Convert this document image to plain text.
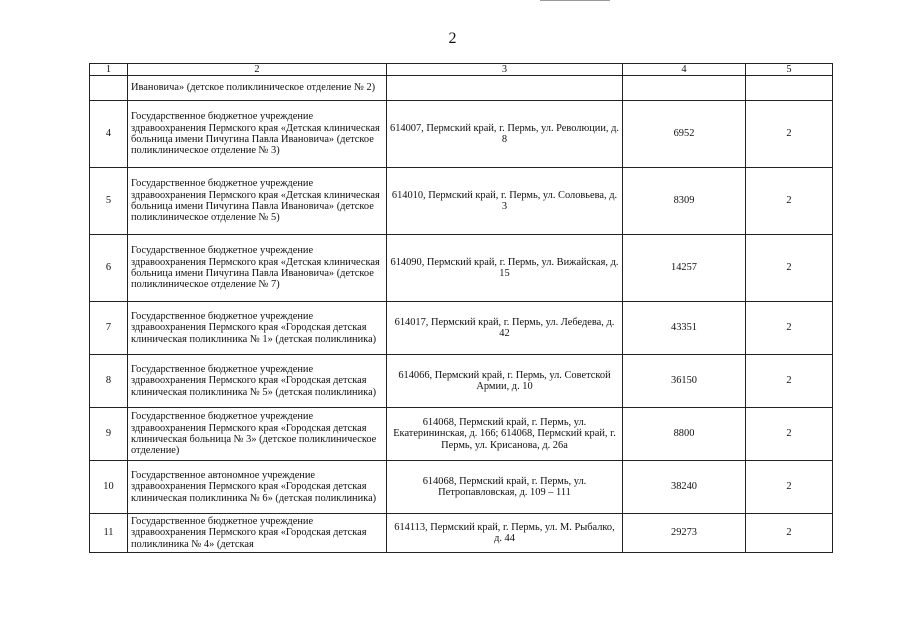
2
1	2	3	4	5
	Ивановича» (детское поликлиническое отделение № 2)			
4	Государственное бюджетное учреждение здравоохранения Пермского края «Детская клиническая больница имени Пичугина Павла Ивановича» (детское поликлиническое отделение № 3)	614007, Пермский край, г. Пермь, ул. Революции, д. 8	6952	2
5	Государственное бюджетное учреждение здравоохранения Пермского края «Детская клиническая больница имени Пичугина Павла Ивановича» (детское поликлиническое отделение № 5)	614010, Пермский край, г. Пермь, ул. Соловьева, д. 3	8309	2
6	Государственное бюджетное учреждение здравоохранения Пермского края «Детская клиническая больница имени Пичугина Павла Ивановича» (детское поликлиническое отделение № 7)	614090, Пермский край, г. Пермь, ул. Вижайская, д. 15	14257	2
7	Государственное бюджетное учреждение здравоохранения Пермского края «Городская детская клиническая поликлиника № 1» (детская поликлиника)	614017, Пермский край, г. Пермь, ул. Лебедева, д. 42	43351	2
8	Государственное бюджетное учреждение здравоохранения Пермского края «Городская детская клиническая поликлиника № 5» (детская поликлиника)	614066, Пермский край, г. Пермь, ул. Советской Армии, д. 10	36150	2
9	Государственное бюджетное учреждение здравоохранения Пермского края «Городская детская клиническая больница № 3» (детское поликлиническое отделение)	614068, Пермский край, г. Пермь, ул. Екатерининская, д. 166; 614068, Пермский край, г. Пермь, ул. Крисанова, д. 26а	8800	2
10	Государственное автономное учреждение здравоохранения Пермского края «Городская детская клиническая поликлиника № 6» (детская поликлиника)	614068, Пермский край, г. Пермь, ул. Петропавловская, д. 109 – 111	38240	2
11	Государственное бюджетное учреждение здравоохранения Пермского края «Городская детская поликлиника № 4» (детская	614113, Пермский край, г. Пермь, ул. М. Рыбалко, д. 44	29273	2
